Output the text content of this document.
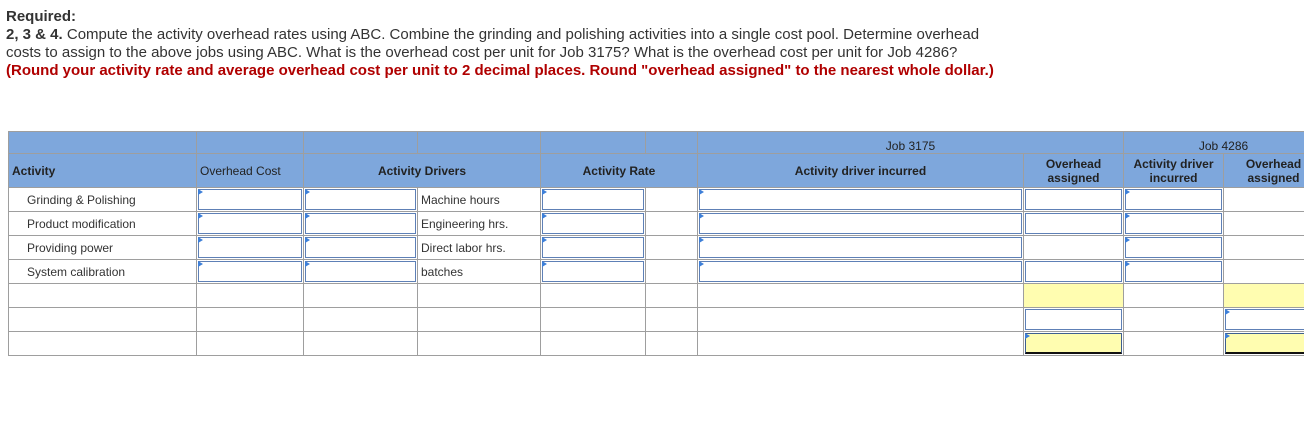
Required:
2, 3 & 4. Compute the activity overhead rates using ABC. Combine the grinding and polishing activities into a single cost pool. Determine overhead costs to assign to the above jobs using ABC. What is the overhead cost per unit for Job 3175? What is the overhead cost per unit for Job 4286? (Round your activity rate and average overhead cost per unit to 2 decimal places. Round "overhead assigned" to the nearest whole dollar.)
						Job 3175		Job 4286	
Activity	Overhead Cost	Activity Drivers		Activity Rate		Activity driver incurred	Overhead assigned	Activity driver incurred	Overhead assigned
Grinding & Polishing			Machine hours	

Product modification			Engineering hrs.	

Providing power			Direct labor hrs.	

System calibration			batches	
